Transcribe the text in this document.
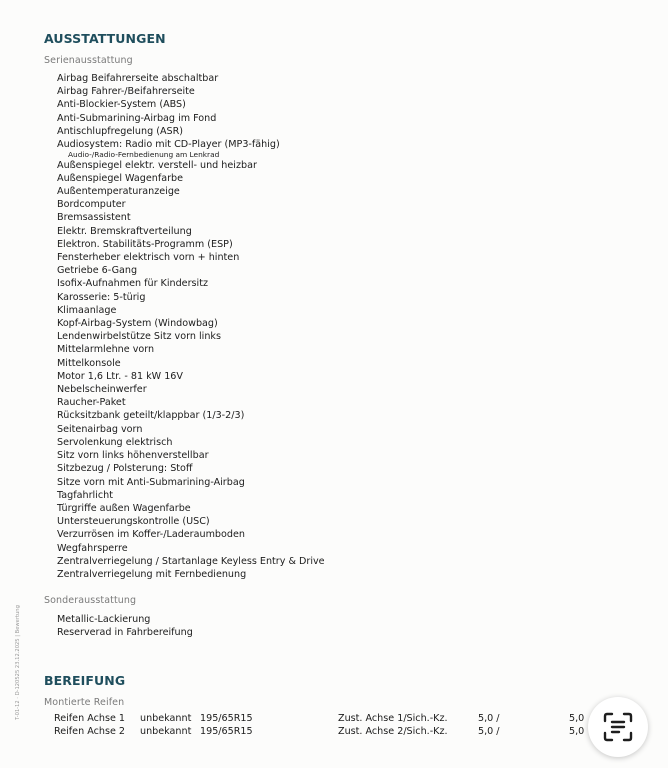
AUSSTATTUNGEN
Serienausstattung
Airbag Beifahrerseite abschaltbar
Airbag Fahrer-/Beifahrerseite
Anti-Blockier-System (ABS)
Anti-Submarining-Airbag im Fond
Antischlupfregelung (ASR)
Audiosystem: Radio mit CD-Player (MP3-fähig)
Audio-/Radio-Fernbedienung am Lenkrad
Außenspiegel elektr. verstell- und heizbar
Außenspiegel Wagenfarbe
Außentemperaturanzeige
Bordcomputer
Bremsassistent
Elektr. Bremskraftverteilung
Elektron. Stabilitäts-Programm (ESP)
Fensterheber elektrisch vorn + hinten
Getriebe 6-Gang
Isofix-Aufnahmen für Kindersitz
Karosserie: 5-türig
Klimaanlage
Kopf-Airbag-System (Windowbag)
Lendenwirbelstütze Sitz vorn links
Mittelarmlehne vorn
Mittelkonsole
Motor 1,6 Ltr. - 81 kW 16V
Nebelscheinwerfer
Raucher-Paket
Rücksitzbank geteilt/klappbar (1/3-2/3)
Seitenairbag vorn
Servolenkung elektrisch
Sitz vorn links höhenverstellbar
Sitzbezug / Polsterung: Stoff
Sitze vorn mit Anti-Submarining-Airbag
Tagfahrlicht
Türgriffe außen Wagenfarbe
Untersteuerungskontrolle (USC)
Verzurrösen im Koffer-/Laderaumboden
Wegfahrsperre
Zentralverriegelung / Startanlage Keyless Entry & Drive
Zentralverriegelung mit Fernbedienung
Sonderausstattung
Metallic-Lackierung
Reserverad in Fahrbereifung
BEREIFUNG
Montierte Reifen
Reifen Achse 1 unbekannt 195/65R15	Zust. Achse 1/Sich.-Kz.	5,0 /	5,0
Reifen Achse 2 unbekannt 195/65R15	Zust. Achse 2/Sich.-Kz.	5,0 /	5,0
T-01-12 · D-120525 23.12.2025 | Bewertung
